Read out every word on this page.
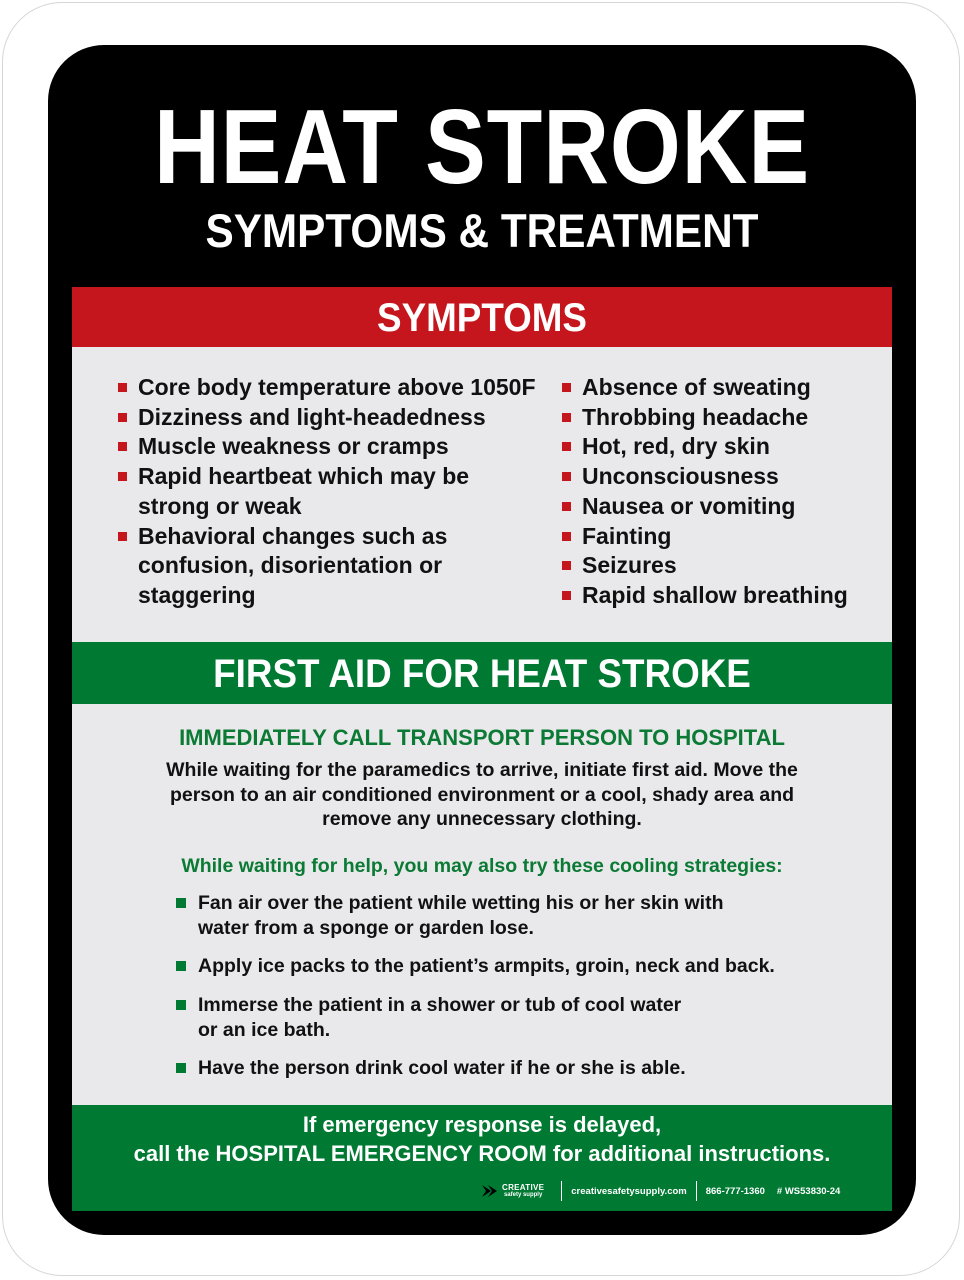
HEAT STROKE
SYMPTOMS & TREATMENT
SYMPTOMS
Core body temperature above 1050F
Dizziness and light-headedness
Muscle weakness or cramps
Rapid heartbeat which may be
strong or weak
Behavioral changes such as
confusion, disorientation or
staggering
Absence of sweating
Throbbing headache
Hot, red, dry skin
Unconsciousness
Nausea or vomiting
Fainting
Seizures
Rapid shallow breathing
FIRST AID FOR HEAT STROKE
IMMEDIATELY CALL TRANSPORT PERSON TO HOSPITAL

While waiting for the paramedics to arrive, initiate first aid. Move the
person to an air conditioned environment or a cool, shady area and
remove any unnecessary clothing.

While waiting for help, you may also try these cooling strategies:
Fan air over the patient while wetting his or her skin with
water from a sponge or garden lose.
Apply ice packs to the patient’s armpits, groin, neck and back.
Immerse the patient in a shower or tub of cool water
or an ice bath.
Have the person drink cool water if he or she is able.
If emergency response is delayed,
call the HOSPITAL EMERGENCY ROOM for additional instructions.
CREATIVE
safety supply	creativesafetysupply.com 866-777-1360 # WS53830-24
